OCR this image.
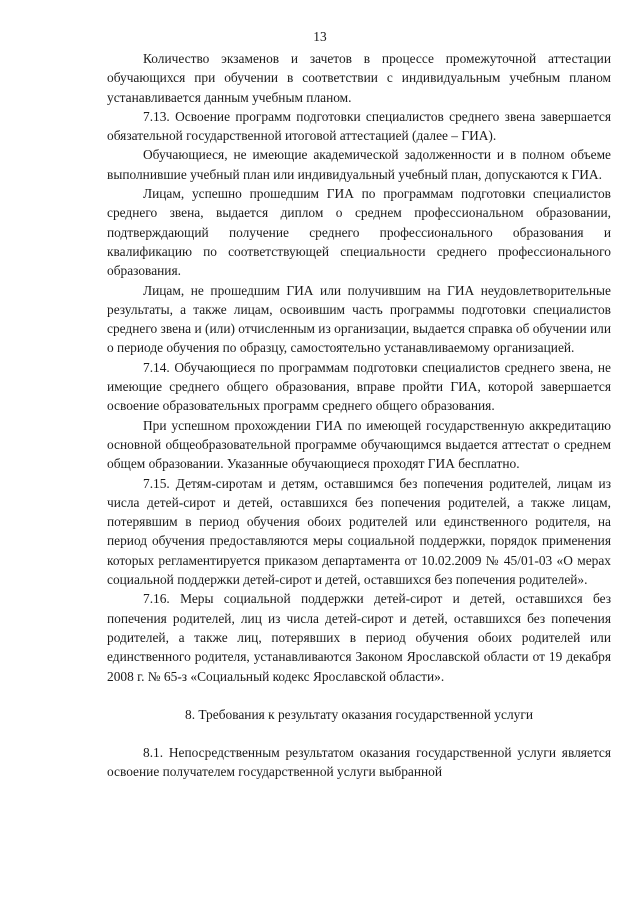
13

Количество экзаменов и зачетов в процессе промежуточной аттестации обучающихся при обучении в соответствии с индивидуальным учебным планом устанавливается данным учебным планом.

7.13. Освоение программ подготовки специалистов среднего звена завершается обязательной государственной итоговой аттестацией (далее – ГИА).

Обучающиеся, не имеющие академической задолженности и в полном объеме выполнившие учебный план или индивидуальный учебный план, допускаются к ГИА.

Лицам, успешно прошедшим ГИА по программам подготовки специалистов среднего звена, выдается диплом о среднем профессиональном образовании, подтверждающий получение среднего профессионального образования и квалификацию по соответствующей специальности среднего профессионального образования.

Лицам, не прошедшим ГИА или получившим на ГИА неудовлетворительные результаты, а также лицам, освоившим часть программы подготовки специалистов среднего звена и (или) отчисленным из организации, выдается справка об обучении или о периоде обучения по образцу, самостоятельно устанавливаемому организацией.

7.14. Обучающиеся по программам подготовки специалистов среднего звена, не имеющие среднего общего образования, вправе пройти ГИА, которой завершается освоение образовательных программ среднего общего образования.

При успешном прохождении ГИА по имеющей государственную аккредитацию основной общеобразовательной программе обучающимся выдается аттестат о среднем общем образовании. Указанные обучающиеся проходят ГИА бесплатно.

7.15. Детям-сиротам и детям, оставшимся без попечения родителей, лицам из числа детей-сирот и детей, оставшихся без попечения родителей, а также лицам, потерявшим в период обучения обоих родителей или единственного родителя, на период обучения предоставляются меры социальной поддержки, порядок применения которых регламентируется приказом департамента от 10.02.2009 № 45/01-03 «О мерах социальной поддержки детей-сирот и детей, оставшихся без попечения родителей».

7.16. Меры социальной поддержки детей-сирот и детей, оставшихся без попечения родителей, лиц из числа детей-сирот и детей, оставшихся без попечения родителей, а также лиц, потерявших в период обучения обоих родителей или единственного родителя, устанавливаются Законом Ярославской области от 19 декабря 2008 г. № 65-з «Социальный кодекс Ярославской области».

8. Требования к результату оказания государственной услуги

8.1. Непосредственным результатом оказания государственной услуги является освоение получателем государственной услуги выбранной
